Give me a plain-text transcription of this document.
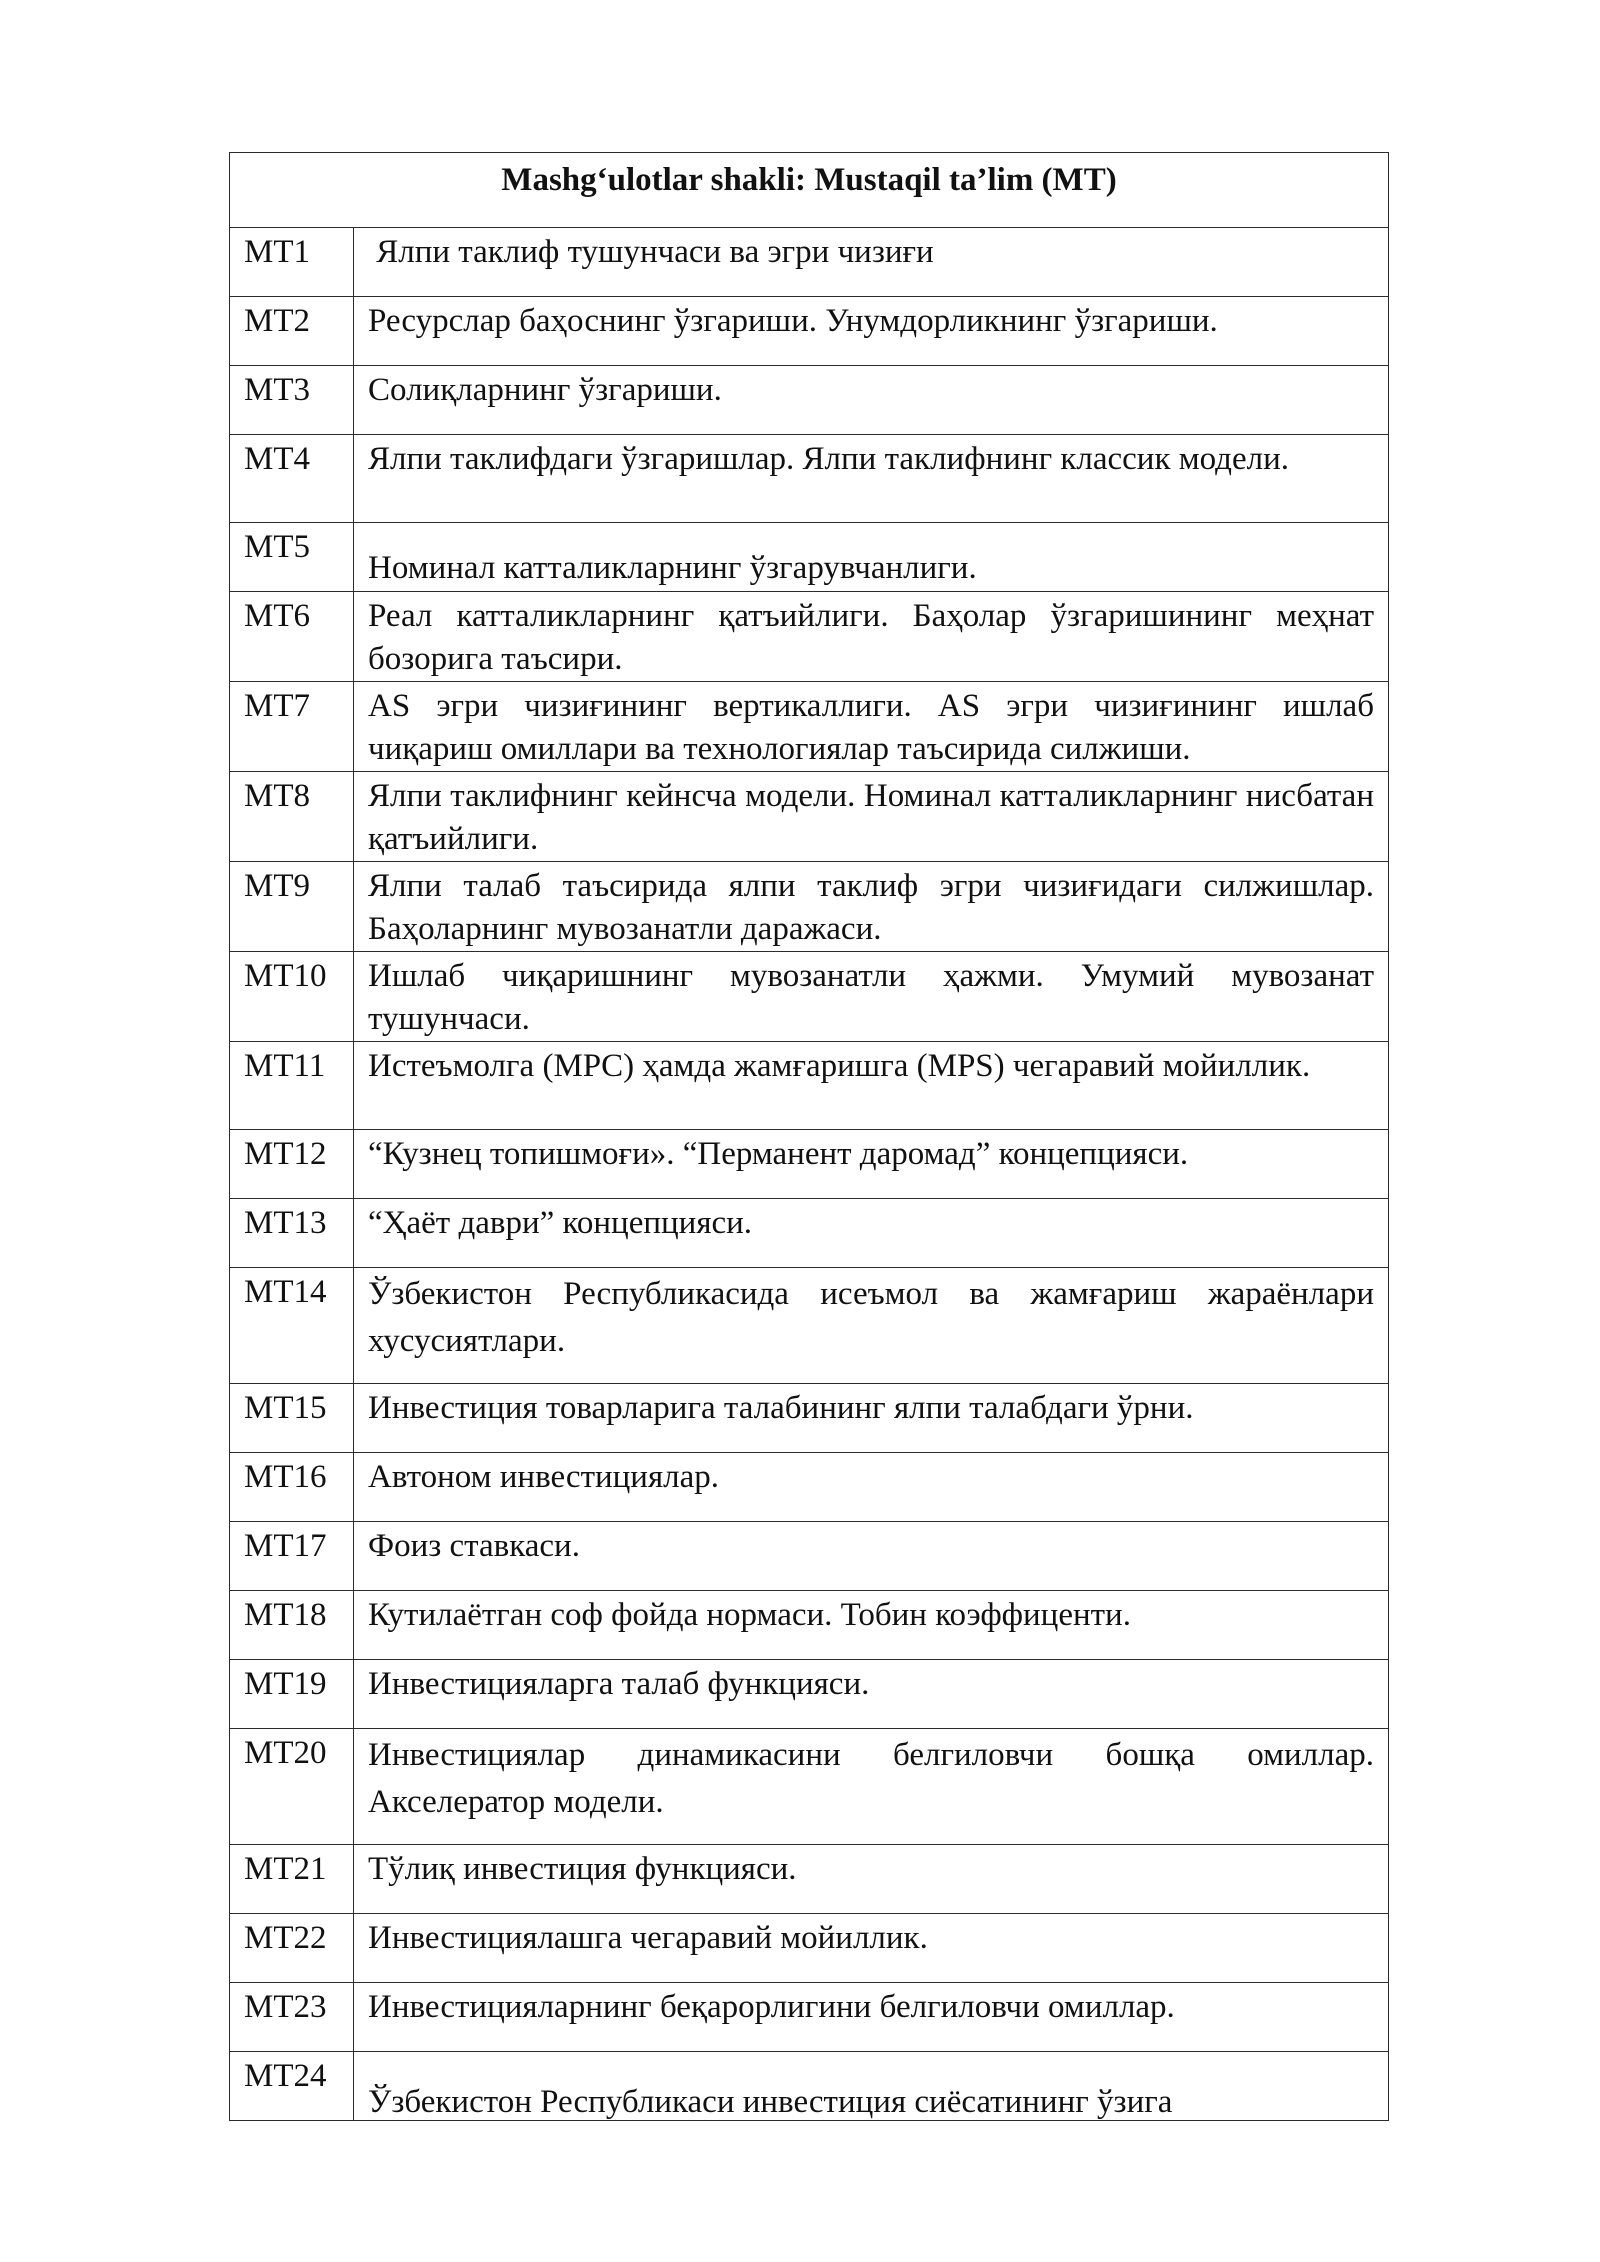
Mashg‘ulotlar shakli: Mustaqil ta’lim (MT)	
MT1	Ялпи таклиф тушунчаси ва эгри чизиғи
MT2	Ресурслар баҳоснинг ўзгариши. Унумдорликнинг ўзгариши.
MT3	Солиқларнинг ўзгариши.
MT4	Ялпи таклифдаги ўзгаришлар. Ялпи таклифнинг классик модели.
MT5	Номинал катталикларнинг ўзгарувчанлиги.
MT6	Реал катталикларнинг қатъийлиги. Баҳолар ўзгаришининг меҳнат бозорига таъсири.
MT7	AS эгри чизиғининг вертикаллиги. AS эгри чизиғининг ишлаб чиқариш омиллари ва технологиялар таъсирида силжиши.
MT8	Ялпи таклифнинг кейнсча модели. Номинал катталикларнинг нисбатан қатъийлиги.
MT9	Ялпи талаб таъсирида ялпи таклиф эгри чизиғидаги силжишлар. Баҳоларнинг мувозанатли даражаси.
MT10	Ишлаб чиқаришнинг мувозанатли ҳажми. Умумий мувозанат тушунчаси.
MT11	Истеъмолга (MPC) ҳамда жамғаришга (MPS) чегаравий мойиллик.
MT12	“Кузнец топишмоғи». “Перманент даромад” концепцияси.
MT13	“Ҳаёт даври” концепцияси.
MT14	Ўзбекистон Республикасида исеъмол ва жамғариш жараёнлари хусусиятлари.
MT15	Инвестиция товарларига талабининг ялпи талабдаги ўрни.
MT16	Автоном инвестициялар.
MT17	Фоиз ставкаси.
MT18	Кутилаётган соф фойда нормаси. Тобин коэффиценти.
MT19	Инвестицияларга талаб функцияси.
MT20	Инвестициялар динамикасини белгиловчи бошқа омиллар. Акселератор модели.
MT21	Тўлиқ инвестиция функцияси.
MT22	Инвестициялашга чегаравий мойиллик.
MT23	Инвестицияларнинг беқарорлигини белгиловчи омиллар.
MT24	Ўзбекистон Республикаси инвестиция сиёсатининг ўзига
